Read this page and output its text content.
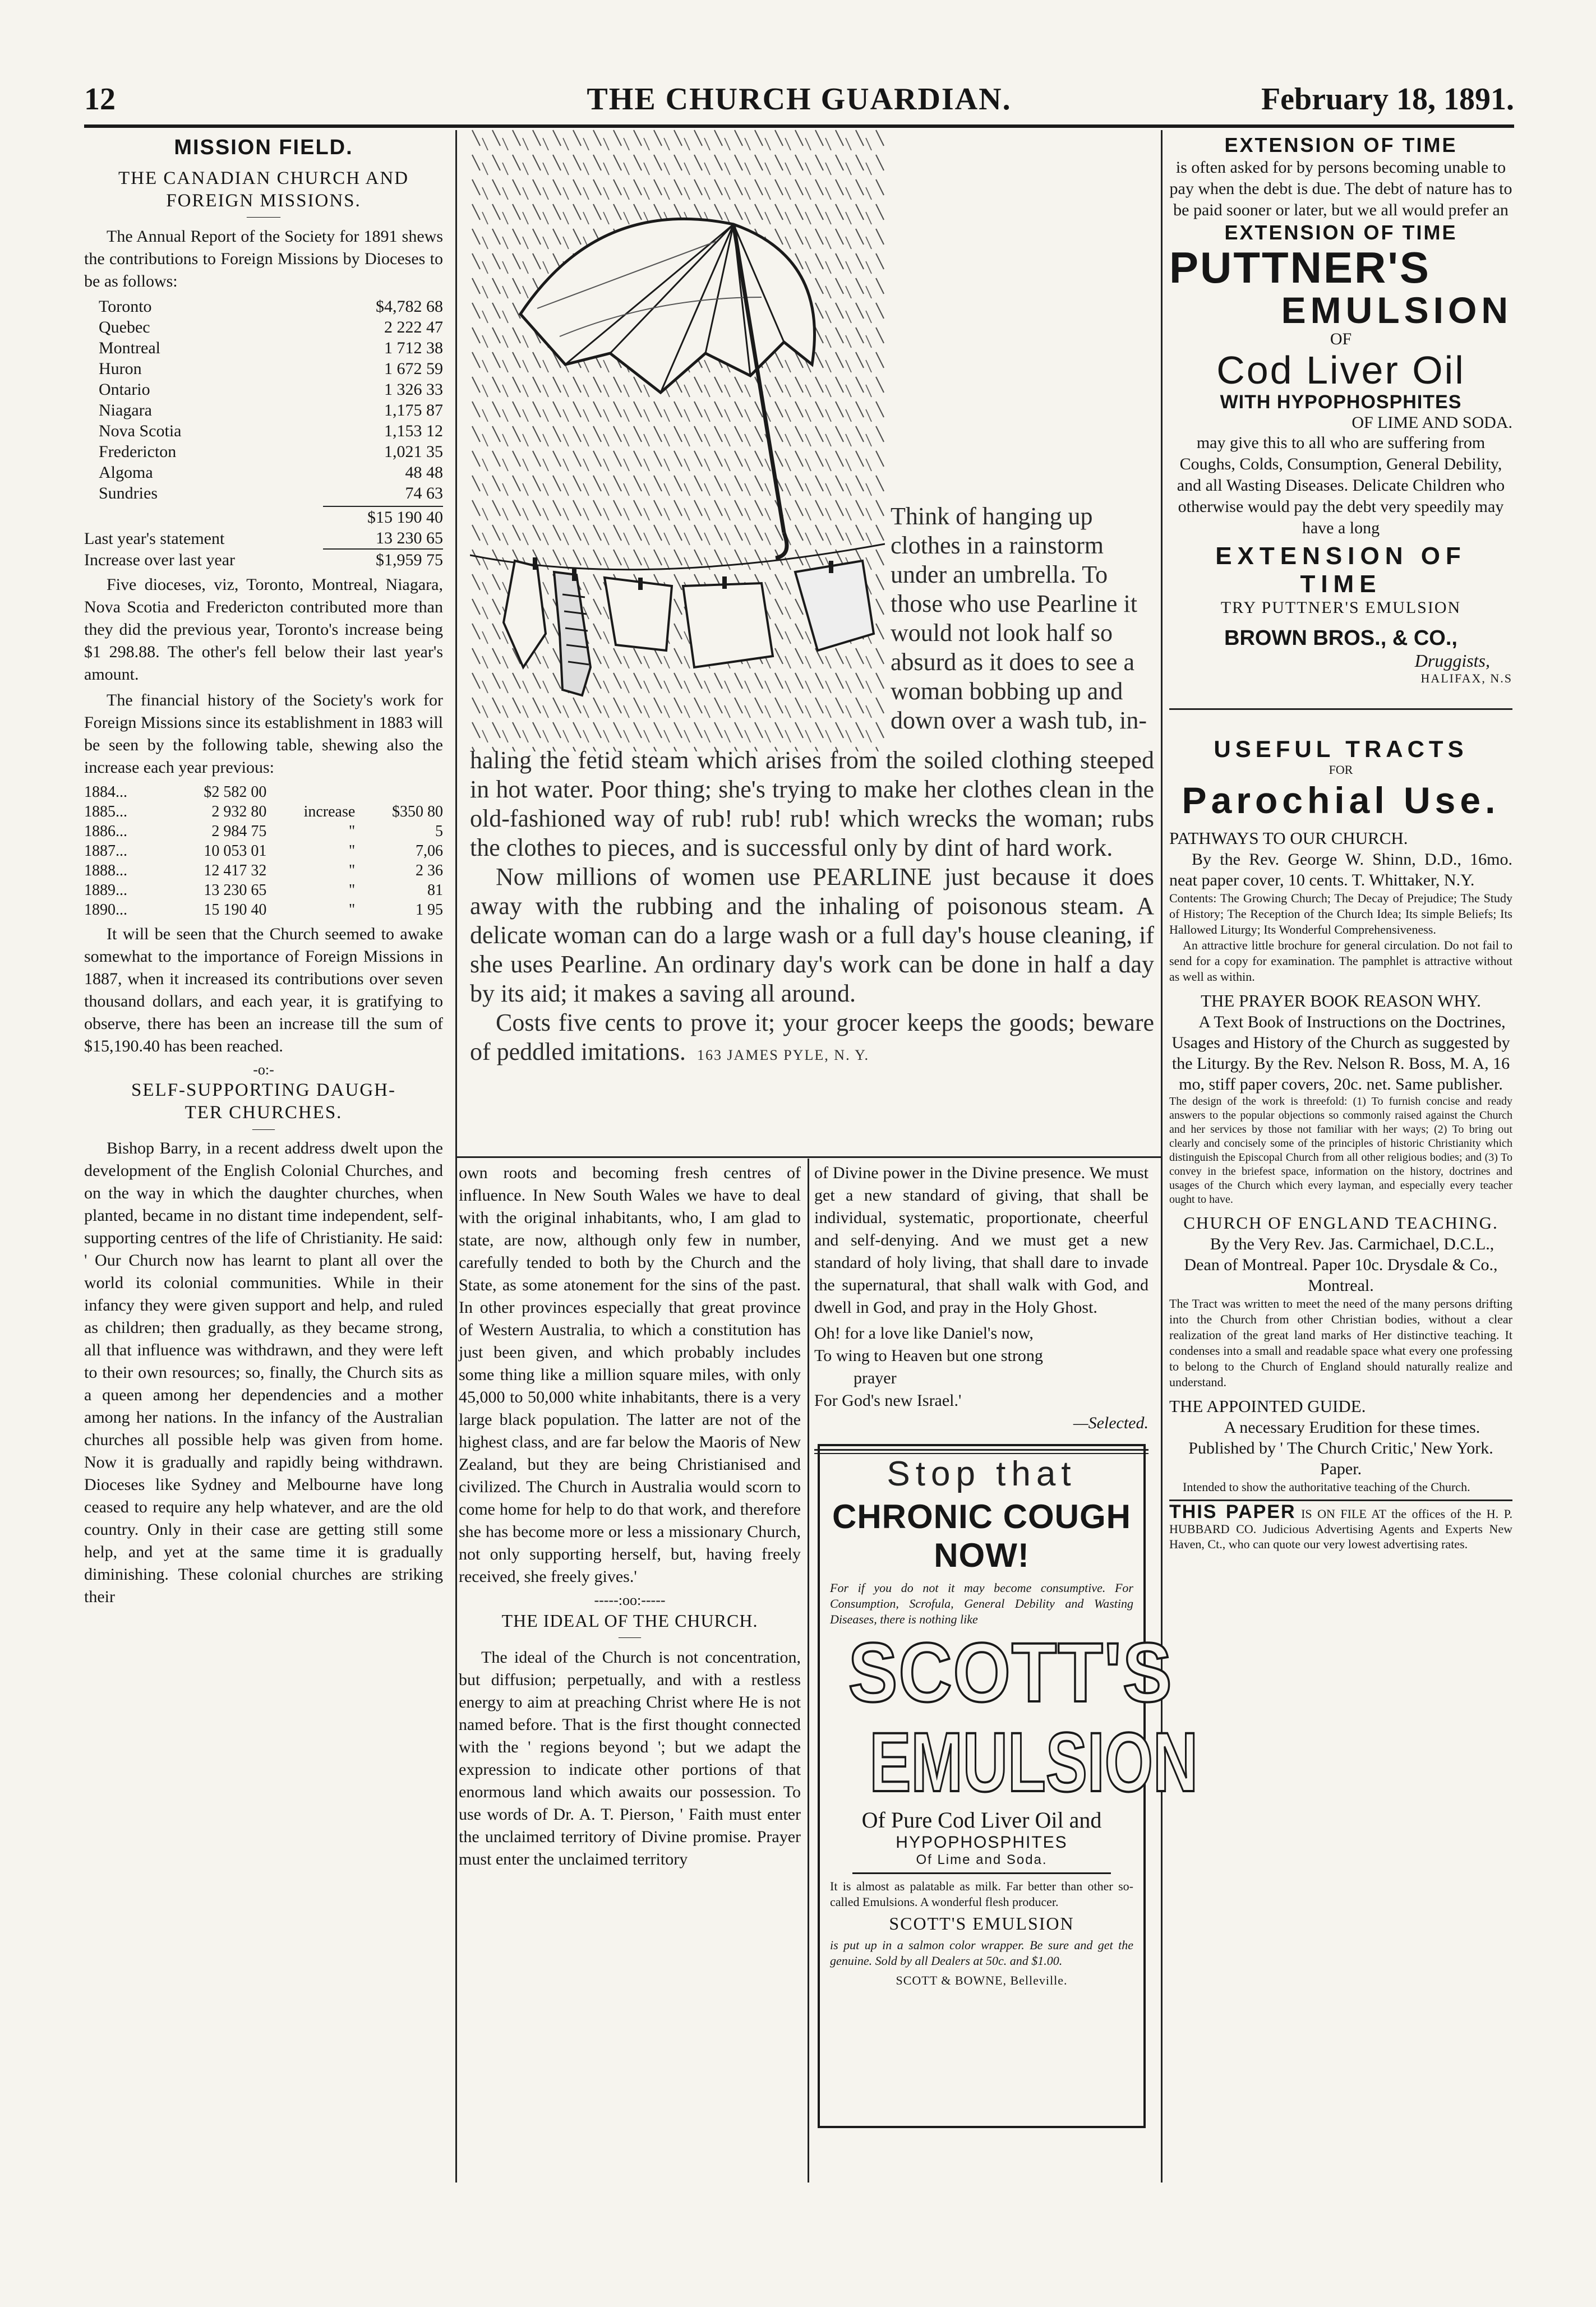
12	THE CHURCH GUARDIAN.	February 18, 1891.
MISSION FIELD.
THE CANADIAN CHURCH AND
FOREIGN MISSIONS.
———

The Annual Report of the Society for 1891 shews the contributions to Foreign Missions by Dioceses to be as follows:

Toronto	$4,782 68
Quebec	2 222 47
Montreal	1 712 38
Huron	1 672 59
Ontario	1 326 33
Niagara	1,175 87
Nova Scotia	1,153 12
Fredericton	1,021 35
Algoma	48 48
Sundries	74 63
	$15 190 40
Last year's statement	13 230 65
Increase over last year	$1,959 75

Five dioceses, viz, Toronto, Montreal, Niagara, Nova Scotia and Fredericton contributed more than they did the previous year, Toronto's increase being $1 298.88. The other's fell below their last year's amount.

The financial history of the Society's work for Foreign Missions since its establishment in 1883 will be seen by the following table, shewing also the increase each year previous:

1884...	$2 582 00		
1885...	2 932 80	increase	$350 80
1886...	2 984 75	"	5
1887...	10 053 01	"	7,06
1888...	12 417 32	"	2 36
1889...	13 230 65	"	81
1890...	15 190 40	"	1 95

It will be seen that the Church seemed to awake somewhat to the importance of Foreign Missions in 1887, when it increased its contributions over seven thousand dollars, and each year, it is gratifying to observe, there has been an increase till the sum of $15,190.40 has been reached.

-o:-
SELF-SUPPORTING DAUGH-
TER CHURCHES.
——

Bishop Barry, in a recent address dwelt upon the development of the English Colonial Churches, and on the way in which the daughter churches, when planted, became in no distant time independent, self-supporting centres of the life of Christianity. He said: ' Our Church now has learnt to plant all over the world its colonial communities. While in their infancy they were given support and help, and ruled as children; then gradually, as they became strong, all that influence was withdrawn, and they were left to their own resources; so, finally, the Church sits as a queen among her dependencies and a mother among her nations. In the infancy of the Australian churches all possible help was given from home. Now it is gradually and rapidly being withdrawn. Dioceses like Sydney and Melbourne have long ceased to require any help whatever, and are the old country. Only in their case are getting still some help, and yet at the same time it is gradually diminishing. These colonial churches are striking their

Think of hanging up clothes in a rainstorm under an umbrella. To those who use Pearline it would not look half so absurd as it does to see a woman bobbing up and down over a wash tub, in-

haling the fetid steam which arises from the soiled clothing steeped in hot water. Poor thing; she's trying to make her clothes clean in the old-fashioned way of rub! rub! rub! which wrecks the woman; rubs the clothes to pieces, and is successful only by dint of hard work.

Now millions of women use PEARLINE just because it does away with the rubbing and the inhaling of poisonous steam. A delicate woman can do a large wash or a full day's house cleaning, if she uses Pearline. An ordinary day's work can be done in half a day by its aid; it makes a saving all around.

Costs five cents to prove it; your grocer keeps the goods; beware of peddled imitations. 163 JAMES PYLE, N. Y.

own roots and becoming fresh centres of influence. In New South Wales we have to deal with the original inhabitants, who, I am glad to state, are now, although only few in number, carefully tended to both by the Church and the State, as some atonement for the sins of the past. In other provinces especially that great province of Western Australia, to which a constitution has just been given, and which probably includes some thing like a million square miles, with only 45,000 to 50,000 white inhabitants, there is a very large black population. The latter are not of the highest class, and are far below the Maoris of New Zealand, but they are being Christianised and civilized. The Church in Australia would scorn to come home for help to do that work, and therefore she has become more or less a missionary Church, not only supporting herself, but, having freely received, she freely gives.'

-----:oo:-----
THE IDEAL OF THE CHURCH.
——

The ideal of the Church is not concentration, but diffusion; perpetually, and with a restless energy to aim at preaching Christ where He is not named before. That is the first thought connected with the ' regions beyond '; but we adapt the expression to indicate other portions of that enormous land which awaits our possession. To use words of Dr. A. T. Pierson, ' Faith must enter the unclaimed territory of Divine promise. Prayer must enter the unclaimed territory

of Divine power in the Divine presence. We must get a new standard of giving, that shall be individual, systematic, proportionate, cheerful and self-denying. And we must get a new standard of holy living, that shall dare to invade the supernatural, that shall walk with God, and dwell in God, and pray in the Holy Ghost.

Oh! for a love like Daniel's now,
To wing to Heaven but one strong
prayer
For God's new Israel.'
—Selected.
Stop that
CHRONIC COUGH NOW!
For if you do not it may become consumptive. For Consumption, Scrofula, General Debility and Wasting Diseases, there is nothing like
SCOTT'S
EMULSION
Of Pure Cod Liver Oil and
HYPOPHOSPHITES
Of Lime and Soda.
It is almost as palatable as milk. Far better than other so-called Emulsions. A wonderful flesh producer.
SCOTT'S EMULSION
is put up in a salmon color wrapper. Be sure and get the genuine. Sold by all Dealers at 50c. and $1.00.
SCOTT & BOWNE, Belleville.
EXTENSION OF TIME
is often asked for by persons becoming unable to pay when the debt is due. The debt of nature has to be paid sooner or later, but we all would prefer an
EXTENSION OF TIME
PUTTNER'S
EMULSION
OF
Cod Liver Oil
WITH HYPOPHOSPHITES
OF LIME AND SODA.
may give this to all who are suffering from Coughs, Colds, Consumption, General Debility, and all Wasting Diseases. Delicate Children who otherwise would pay the debt very speedily may have a long
EXTENSION OF TIME
TRY PUTTNER'S EMULSION
BROWN BROS., & CO.,
Druggists,
HALIFAX, N.S
USEFUL TRACTS
FOR
Parochial Use.
PATHWAYS TO OUR CHURCH.
By the Rev. George W. Shinn, D.D., 16mo. neat paper cover, 10 cents. T. Whittaker, N.Y.
Contents: The Growing Church; The Decay of Prejudice; The Study of History; The Reception of the Church Idea; Its simple Beliefs; Its Hallowed Liturgy; Its Wonderful Comprehensiveness.
An attractive little brochure for general circulation. Do not fail to send for a copy for examination. The pamphlet is attractive without as well as within.
THE PRAYER BOOK REASON WHY.
A Text Book of Instructions on the Doctrines, Usages and History of the Church as suggested by the Liturgy. By the Rev. Nelson R. Boss, M. A, 16 mo, stiff paper covers, 20c. net. Same publisher.
The design of the work is threefold: (1) To furnish concise and ready answers to the popular objections so commonly raised against the Church and her services by those not familiar with her ways; (2) To bring out clearly and concisely some of the principles of historic Christianity which distinguish the Episcopal Church from all other religious bodies; and (3) To convey in the briefest space, information on the history, doctrines and usages of the Church which every layman, and especially every teacher ought to have.
CHURCH OF ENGLAND TEACHING.
By the Very Rev. Jas. Carmichael, D.C.L., Dean of Montreal. Paper 10c. Drysdale & Co., Montreal.
The Tract was written to meet the need of the many persons drifting into the Church from other Christian bodies, without a clear realization of the great land marks of Her distinctive teaching. It condenses into a small and readable space what every one professing to belong to the Church of England should naturally realize and understand.
THE APPOINTED GUIDE.
A necessary Erudition for these times. Published by ' The Church Critic,' New York. Paper.
Intended to show the authoritative teaching of the Church.
THIS PAPER IS ON FILE AT the offices of the H. P. HUBBARD CO. Judicious Advertising Agents and Experts New Haven, Ct., who can quote our very lowest advertising rates.
